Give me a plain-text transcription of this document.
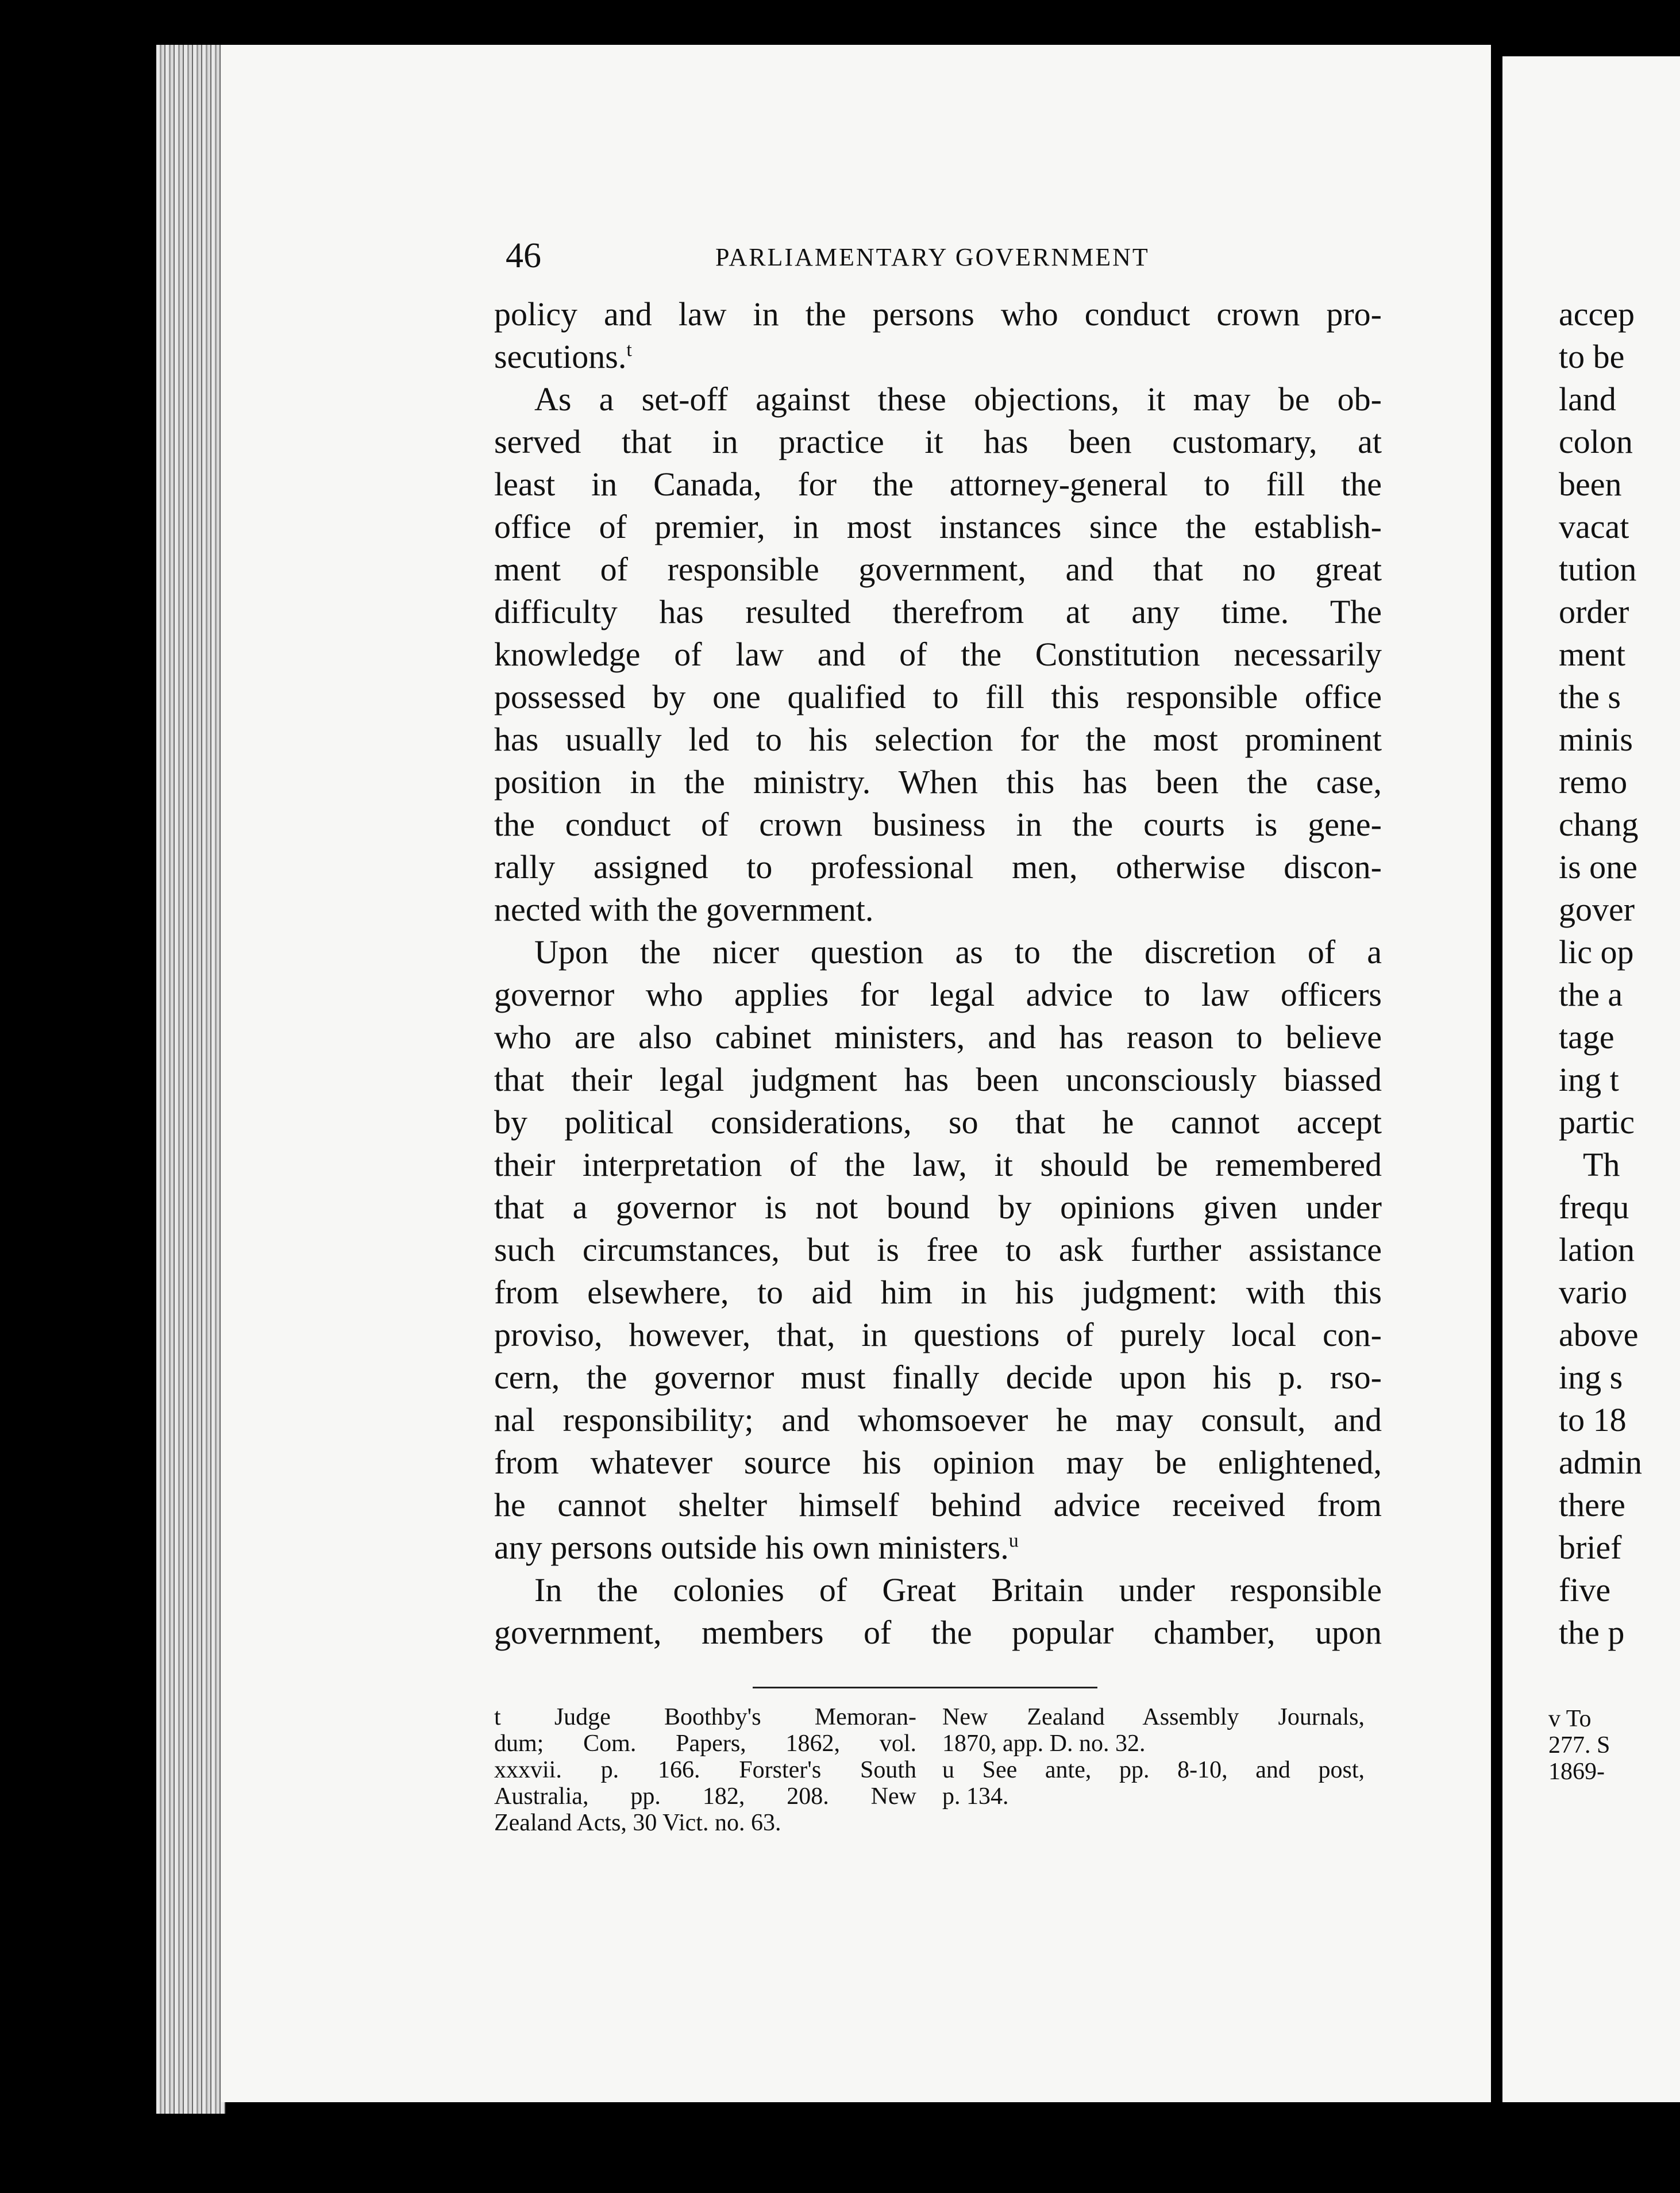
46	PARLIAMENTARY GOVERNMENT
policy and law in the persons who conduct crown pro-
secutions.$^t$
As a set-off against these objections, it may be ob-
served that in practice it has been customary, at
least in Canada, for the attorney-general to fill the
office of premier, in most instances since the establish-
ment of responsible government, and that no great
difficulty has resulted therefrom at any time. The
knowledge of law and of the Constitution necessarily
possessed by one qualified to fill this responsible office
has usually led to his selection for the most prominent
position in the ministry. When this has been the case,
the conduct of crown business in the courts is gene-
rally assigned to professional men, otherwise discon-
nected with the government.
Upon the nicer question as to the discretion of a
governor who applies for legal advice to law officers
who are also cabinet ministers, and has reason to believe
that their legal judgment has been unconsciously biassed
by political considerations, so that he cannot accept
their interpretation of the law, it should be remembered
that a governor is not bound by opinions given under
such circumstances, but is free to ask further assistance
from elsewhere, to aid him in his judgment: with this
proviso, however, that, in questions of purely local con-
cern, the governor must finally decide upon his p. rso-
nal responsibility; and whomsoever he may consult, and
from whatever source his opinion may be enlightened,
he cannot shelter himself behind advice received from
any persons outside his own ministers.$^u$
In the colonies of Great Britain under responsible
government, members of the popular chamber, upon
t Judge Boothby's Memoran-
dum; Com. Papers, 1862, vol.
xxxvii. p. 166. Forster's South
Australia, pp. 182, 208. New
Zealand Acts, 30 Vict. no. 63.
New Zealand Assembly Journals,
1870, app. D. no. 32.
u See ante, pp. 8-10, and post,
p. 134.
accep
to be
land
colon
been
vacat
tution
order
ment
the s
minis
remo
chang
is one
gover
lic op
the a
tage
ing t
partic
Th
frequ
lation
vario
above
ing s
to 18
admin
there
brief
five
the p
v To
277. S
1869-
